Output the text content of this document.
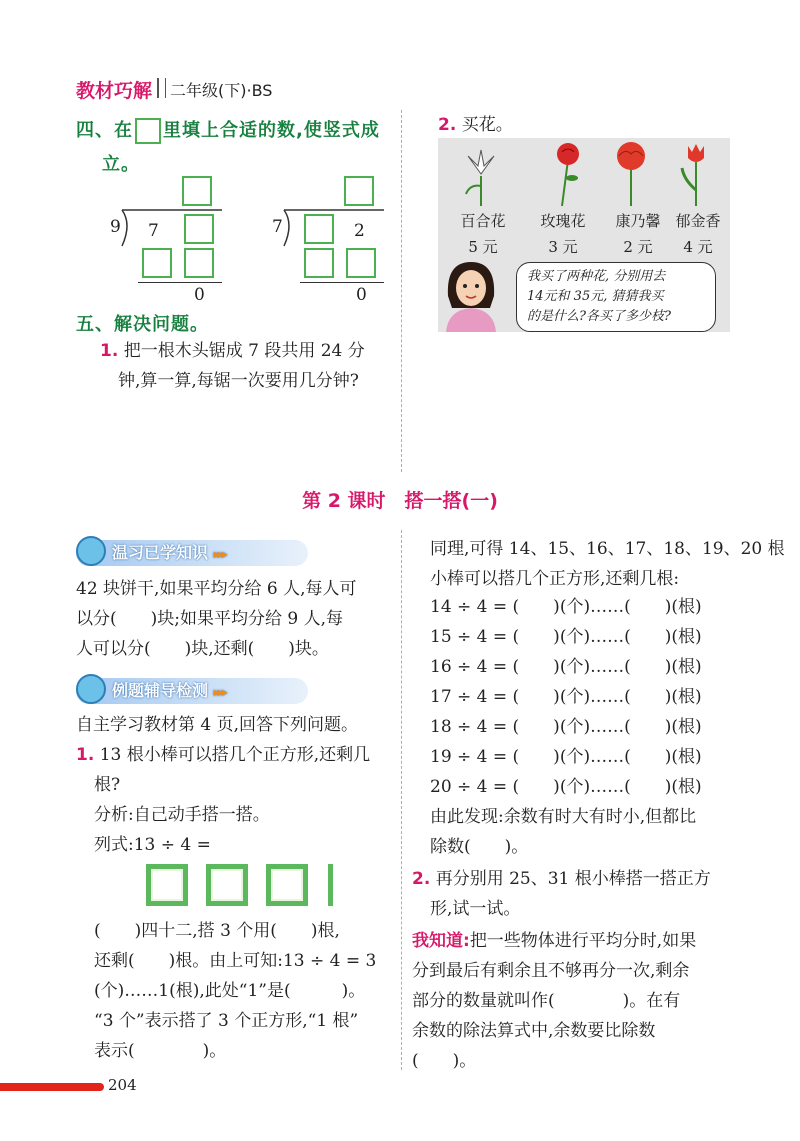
教材巧解 二年级(下)·BS
四、在 里填上合适的数,使竖式成
立。
9 7
0
7	2
0
五、解决问题。
1. 把一根木头锯成 7 段共用 24 分
钟,算一算,每锯一次要用几分钟?
2. 买花。
百合花	玫瑰花	康乃馨 郁金香
5 元	3 元	2 元	4 元
我买了两种花, 分别用去
14元和 35元, 猜猜我买
的是什么?各买了多少枝?
第 2 课时　搭一搭(一)
温习已学知识 ▸▸▸
42 块饼干,如果平均分给 6 人,每人可
以分(　　)块;如果平均分给 9 人,每
人可以分(　　)块,还剩(　　)块。
例题辅导检测 ▸▸▸
自主学习教材第 4 页,回答下列问题。
1. 13 根小棒可以搭几个正方形,还剩几
根?
分析:自己动手搭一搭。
列式:13 ÷ 4 =
(　　)四十二,搭 3 个用(　　)根,
还剩(　　)根。由上可知:13 ÷ 4 = 3
(个)……1(根),此处“1”是(　　　)。
“3 个”表示搭了 3 个正方形,“1 根”
表示(　　　　)。
同理,可得 14、15、16、17、18、19、20 根
小棒可以搭几个正方形,还剩几根:
14 ÷ 4 = (　　)(个)……(　　)(根)
15 ÷ 4 = (　　)(个)……(　　)(根)
16 ÷ 4 = (　　)(个)……(　　)(根)
17 ÷ 4 = (　　)(个)……(　　)(根)
18 ÷ 4 = (　　)(个)……(　　)(根)
19 ÷ 4 = (　　)(个)……(　　)(根)
20 ÷ 4 = (　　)(个)……(　　)(根)
由此发现:余数有时大有时小,但都比
除数(　　)。
2. 再分别用 25、31 根小棒搭一搭正方
形,试一试。
我知道:把一些物体进行平均分时,如果
分到最后有剩余且不够再分一次,剩余
部分的数量就叫作(　　　　)。在有
余数的除法算式中,余数要比除数
(　　)。
204
